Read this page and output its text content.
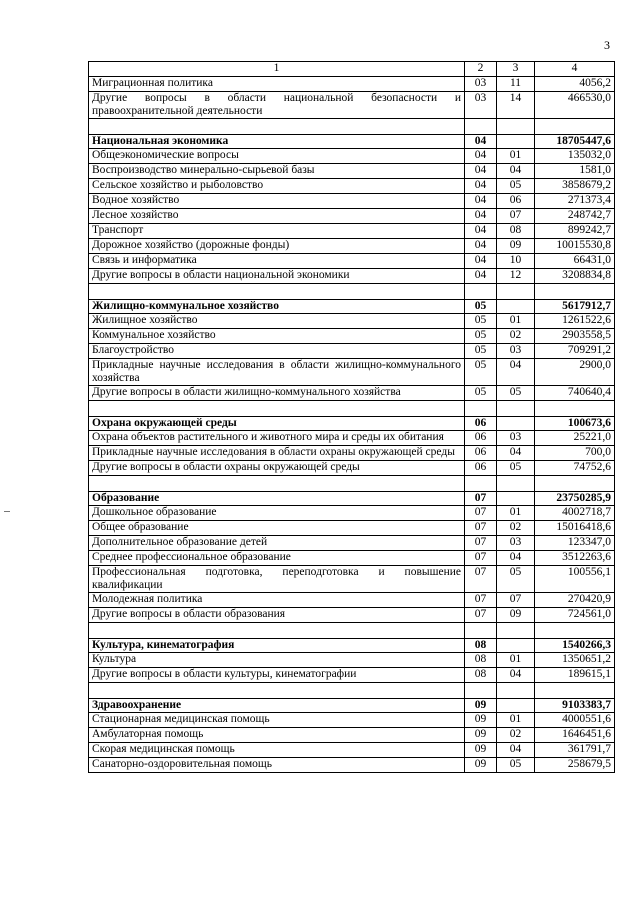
3
1	2	3	4
Миграционная политика	03	11	4056,2
Другие вопросы в области национальной безопасности и правоохранительной деятельности	03	14	466530,0

Национальная экономика	04		18705447,6
Общеэкономические вопросы	04	01	135032,0
Воспроизводство минерально-сырьевой базы	04	04	1581,0
Сельское хозяйство и рыболовство	04	05	3858679,2
Водное хозяйство	04	06	271373,4
Лесное хозяйство	04	07	248742,7
Транспорт	04	08	899242,7
Дорожное хозяйство (дорожные фонды)	04	09	10015530,8
Связь и информатика	04	10	66431,0
Другие вопросы в области национальной экономики	04	12	3208834,8

Жилищно-коммунальное хозяйство	05		5617912,7
Жилищное хозяйство	05	01	1261522,6
Коммунальное хозяйство	05	02	2903558,5
Благоустройство	05	03	709291,2
Прикладные научные исследования в области жилищно-коммунального хозяйства	05	04	2900,0
Другие вопросы в области жилищно-коммунального хозяйства	05	05	740640,4

Охрана окружающей среды	06		100673,6
Охрана объектов растительного и животного мира и среды их обитания	06	03	25221,0
Прикладные научные исследования в области охраны окружающей среды	06	04	700,0
Другие вопросы в области охраны окружающей среды	06	05	74752,6

Образование	07		23750285,9
Дошкольное образование	07	01	4002718,7
Общее образование	07	02	15016418,6
Дополнительное образование детей	07	03	123347,0
Среднее профессиональное образование	07	04	3512263,6
Профессиональная подготовка, переподготовка и повышение квалификации	07	05	100556,1
Молодежная политика	07	07	270420,9
Другие вопросы в области образования	07	09	724561,0

Культура, кинематография	08		1540266,3
Культура	08	01	1350651,2
Другие вопросы в области культуры, кинематографии	08	04	189615,1

Здравоохранение	09		9103383,7
Стационарная медицинская помощь	09	01	4000551,6
Амбулаторная помощь	09	02	1646451,6
Скорая медицинская помощь	09	04	361791,7
Санаторно-оздоровительная помощь	09	05	258679,5
